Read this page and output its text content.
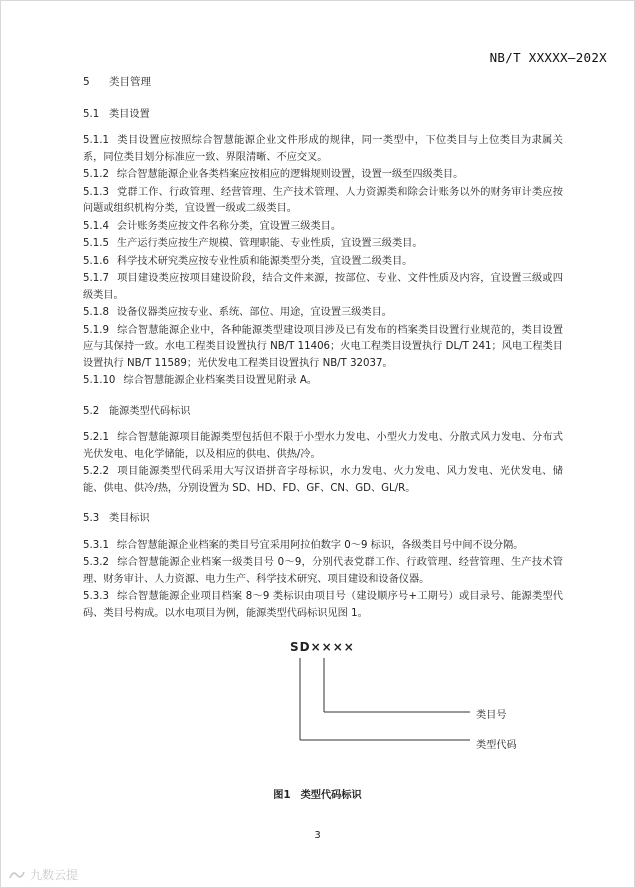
NB/T XXXXX—202X
5 类目管理
5.1 类目设置

5.1.1 类目设置应按照综合智慧能源企业文件形成的规律，同一类型中，下位类目与上位类目为隶属关系，同位类目划分标准应一致、界限清晰、不应交叉。

5.1.2 综合智慧能源企业各类档案应按相应的逻辑规则设置，设置一级至四级类目。

5.1.3 党群工作、行政管理、经营管理、生产技术管理、人力资源类和除会计账务以外的财务审计类应按问题或组织机构分类，宜设置一级或二级类目。

5.1.4 会计账务类应按文件名称分类，宜设置三级类目。

5.1.5 生产运行类应按生产规模、管理职能、专业性质，宜设置三级类目。

5.1.6 科学技术研究类应按专业性质和能源类型分类，宜设置二级类目。

5.1.7 项目建设类应按项目建设阶段，结合文件来源，按部位、专业、文件性质及内容，宜设置三级或四级类目。

5.1.8 设备仪器类应按专业、系统、部位、用途，宜设置三级类目。

5.1.9 综合智慧能源企业中，各种能源类型建设项目涉及已有发布的档案类目设置行业规范的，类目设置应与其保持一致。水电工程类目设置执行 NB/T 11406；火电工程类目设置执行 DL/T 241；风电工程类目设置执行 NB/T 11589；光伏发电工程类目设置执行 NB/T 32037。

5.1.10 综合智慧能源企业档案类目设置见附录 A。

5.2 能源类型代码标识

5.2.1 综合智慧能源项目能源类型包括但不限于小型水力发电、小型火力发电、分散式风力发电、分布式光伏发电、电化学储能，以及相应的供电、供热/冷。

5.2.2 项目能源类型代码采用大写汉语拼音字母标识，水力发电、火力发电、风力发电、光伏发电、储能、供电、供冷/热，分别设置为 SD、HD、FD、GF、CN、GD、GL/R。

5.3 类目标识

5.3.1 综合智慧能源企业档案的类目号宜采用阿拉伯数字 0～9 标识，各级类目号中间不设分隔。

5.3.2 综合智慧能源企业档案一级类目号 0～9，分别代表党群工作、行政管理、经营管理、生产技术管理、财务审计、人力资源、电力生产、科学技术研究、项目建设和设备仪器。

5.3.3 综合智慧能源企业项目档案 8～9 类标识由项目号（建设顺序号+工期号）或目录号、能源类型代码、类目号构成。以水电项目为例，能源类型代码标识见图 1。

SD××××
类目号
类型代码
图1 类型代码标识
3
九数云提
